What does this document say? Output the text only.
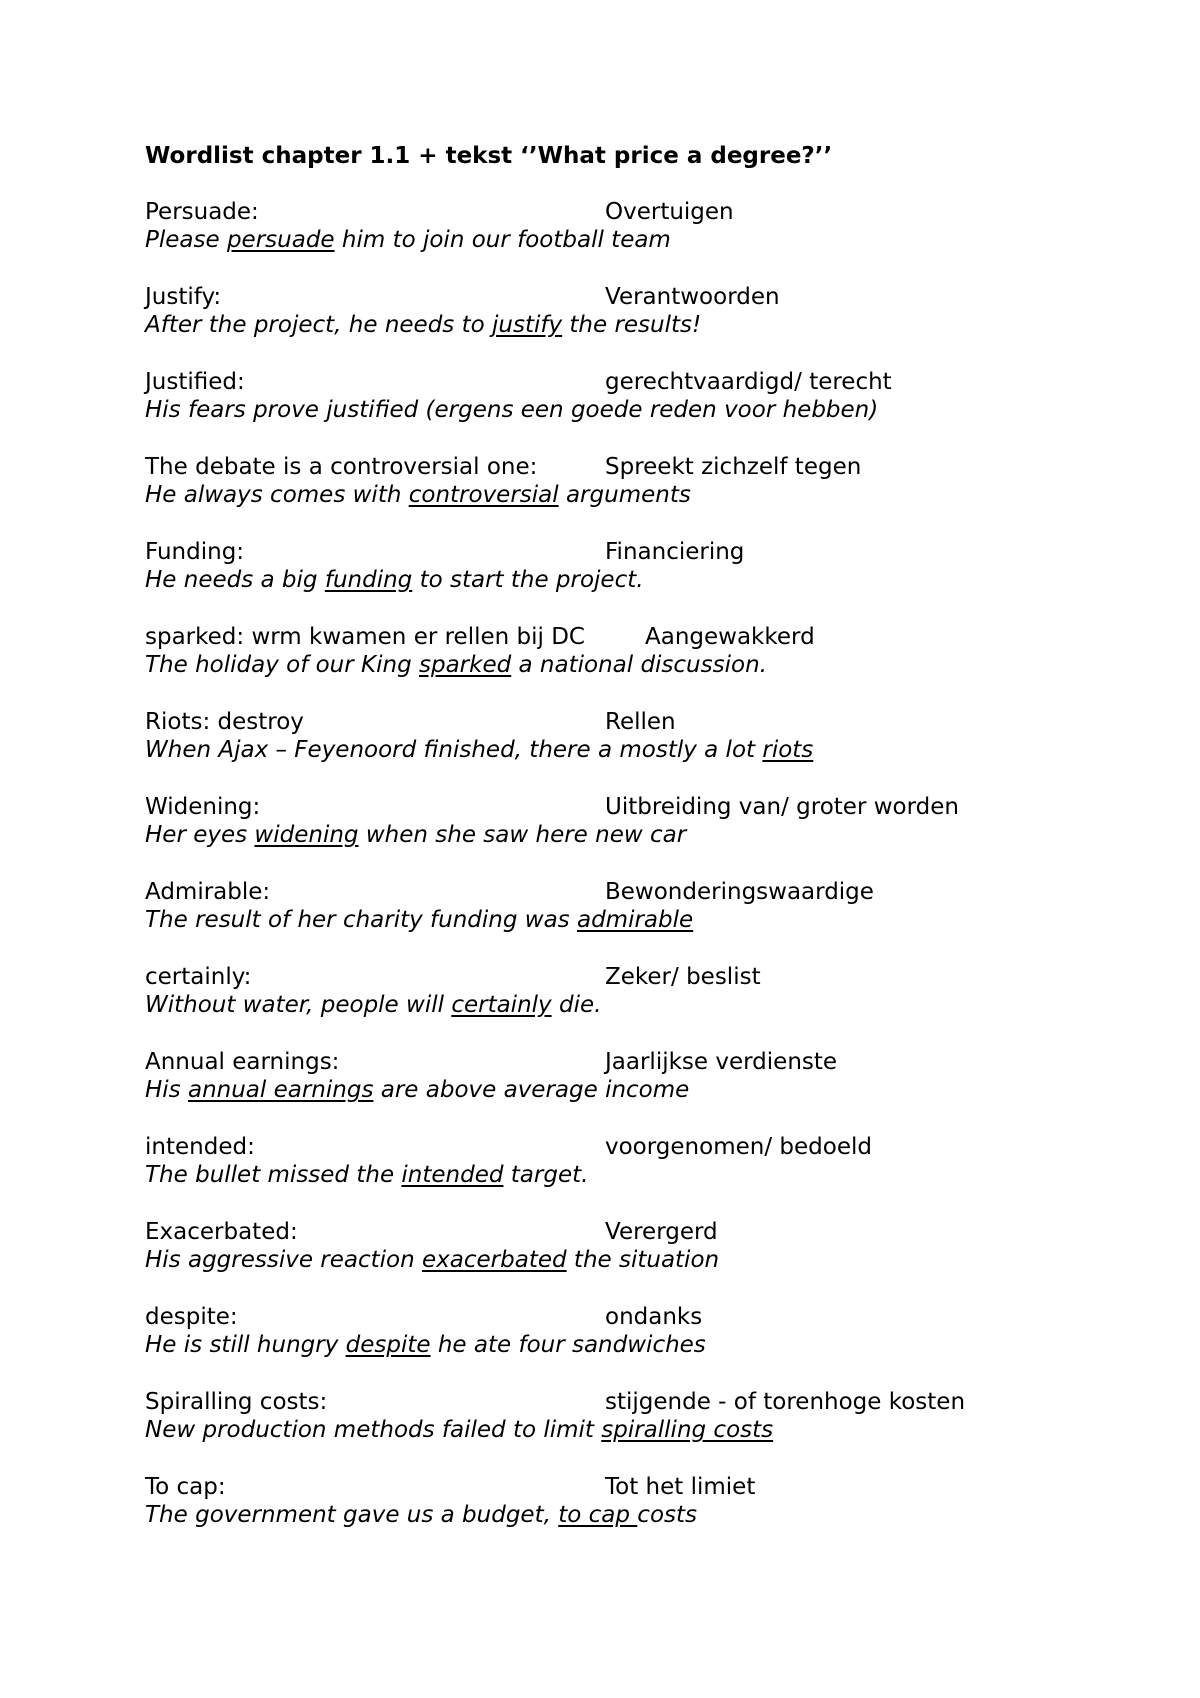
Wordlist chapter 1.1 + tekst ‘’What price a degree?’’
Persuade:	Overtuigen
Please persuade him to join our football team
Justify:	Verantwoorden
After the project, he needs to justify the results!
Justified:	gerechtvaardigd/ terecht
His fears prove justified (ergens een goede reden voor hebben)
The debate is a controversial one:	Spreekt zichzelf tegen
He always comes with controversial arguments
Funding:	Financiering
He needs a big funding to start the project.
sparked: wrm kwamen er rellen bij DC	Aangewakkerd
The holiday of our King sparked a national discussion.
Riots: destroy	Rellen
When Ajax – Feyenoord finished, there a mostly a lot riots
Widening:	Uitbreiding van/ groter worden
Her eyes widening when she saw here new car
Admirable:	Bewonderingswaardige
The result of her charity funding was admirable
certainly:	Zeker/ beslist
Without water, people will certainly die.
Annual earnings:	Jaarlijkse verdienste
His annual earnings are above average income
intended:	voorgenomen/ bedoeld
The bullet missed the intended target.
Exacerbated:	Verergerd
His aggressive reaction exacerbated the situation
despite:	ondanks
He is still hungry despite he ate four sandwiches
Spiralling costs:	stijgende - of torenhoge kosten
New production methods failed to limit spiralling costs
To cap:	Tot het limiet
The government gave us a budget, to cap costs
